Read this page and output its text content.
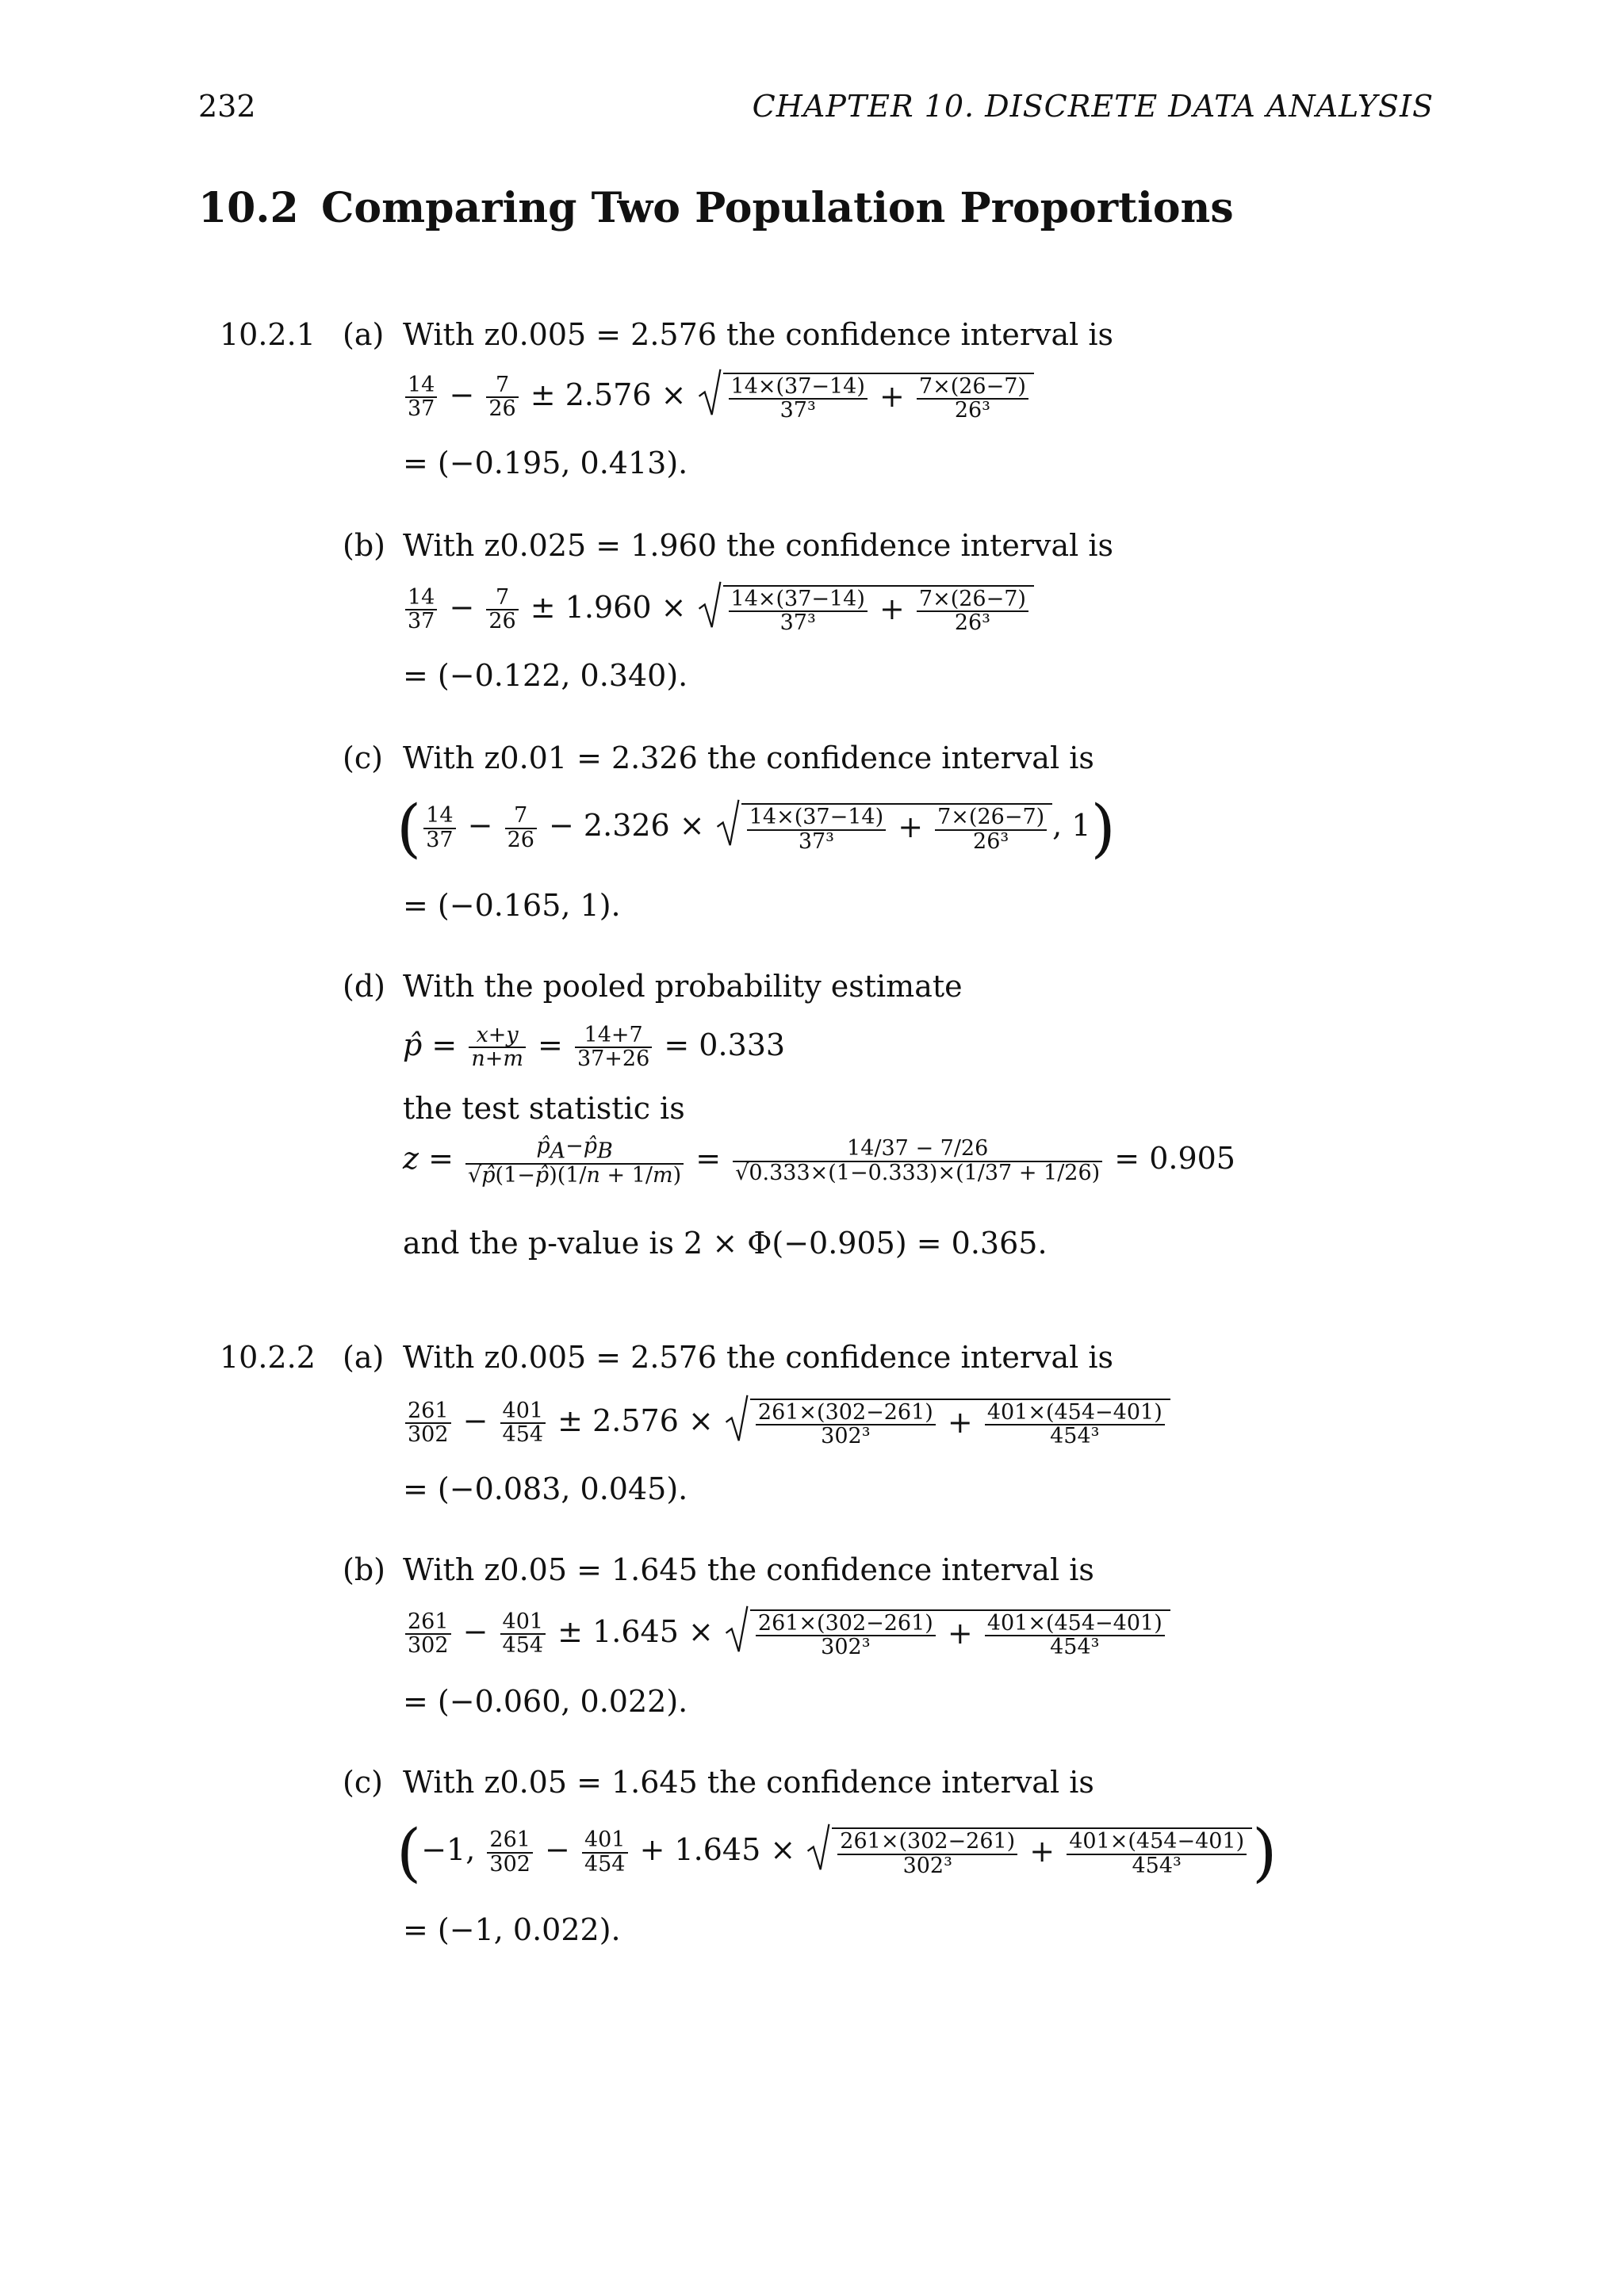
232	CHAPTER 10. DISCRETE DATA ANALYSIS
10.2 Comparing Two Population Proportions
10.2.1 (a) With z0.005 = 2.576 the confidence interval is
$\frac{14}{37} - \frac{7}{26} \pm 2.576 \times \frac{14\times(37-14)}{\text{37³}} + \frac{7\times(26-7)}{\text{26³}}$
= (−0.195, 0.413).
(b) With z0.025 = 1.960 the confidence interval is
$\frac{14}{37} - \frac{7}{26} \pm 1.960 \times \frac{14\times(37-14)}{\text{37³}} + \frac{7\times(26-7)}{\text{26³}}$
= (−0.122, 0.340).
(c) With z0.01 = 2.326 the confidence interval is
( $\frac{14}{37} - \frac{7}{26} - 2.326 \times \frac{14\times(37-14)}{\text{37³}} + \frac{7\times(26-7)}{\text{26³}}$ , 1)
= (−0.165, 1).
(d) With the pooled probability estimate
p̂ = $\frac{x+y}{n+m} = \frac{14+7}{37+26} = 0.333$
the test statistic is
$z = \frac{p̂_A-p̂_B}{√p̂(1-p̂)(1/n + 1/m)} = \frac{14/37 - 7/26}{√0.333\times(1-0.333)\times(1/37 + 1/26)} = 0.905$
and the p-value is 2 × Φ(−0.905) = 0.365.
10.2.2 (a) With z0.005 = 2.576 the confidence interval is
$\frac{261}{302} - \frac{401}{454} \pm 2.576 \times \frac{261\times(302-261)}{\text{302³}} + \frac{401\times(454-401)}{\text{454³}}$
= (−0.083, 0.045).
(b) With z0.05 = 1.645 the confidence interval is
$\frac{261}{302} - \frac{401}{454} \pm 1.645 \times \frac{261\times(302-261)}{\text{302³}} + \frac{401\times(454-401)}{\text{454³}}$
= (−0.060, 0.022).
(c) With z0.05 = 1.645 the confidence interval is
(−1, $\frac{261}{302} - \frac{401}{454} + 1.645 \times \frac{261\times(302-261)}{\text{302³}} + \frac{401\times(454-401)}{\text{454³}}$ )
= (−1, 0.022).
